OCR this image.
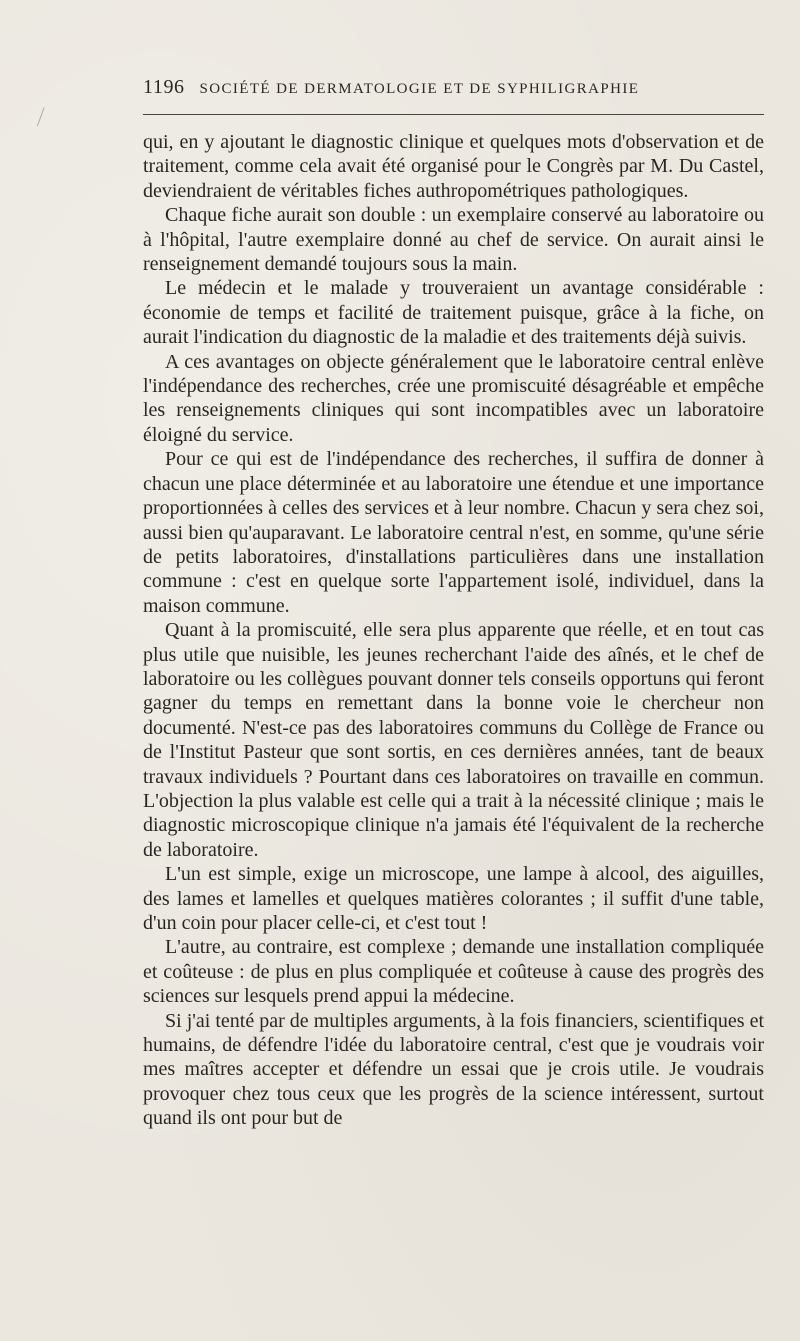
1196 SOCIÉTÉ DE DERMATOLOGIE ET DE SYPHILIGRAPHIE

qui, en y ajoutant le diagnostic clinique et quelques mots d'observation et de traitement, comme cela avait été organisé pour le Congrès par M. Du Castel, deviendraient de véritables fiches authropométriques pathologiques.

Chaque fiche aurait son double : un exemplaire conservé au laboratoire ou à l'hôpital, l'autre exemplaire donné au chef de service. On aurait ainsi le renseignement demandé toujours sous la main.

Le médecin et le malade y trouveraient un avantage considérable : économie de temps et facilité de traitement puisque, grâce à la fiche, on aurait l'indication du diagnostic de la maladie et des traitements déjà suivis.

A ces avantages on objecte généralement que le laboratoire central enlève l'indépendance des recherches, crée une promiscuité désagréable et empêche les renseignements cliniques qui sont incompatibles avec un laboratoire éloigné du service.

Pour ce qui est de l'indépendance des recherches, il suffira de donner à chacun une place déterminée et au laboratoire une étendue et une importance proportionnées à celles des services et à leur nombre. Chacun y sera chez soi, aussi bien qu'auparavant. Le laboratoire central n'est, en somme, qu'une série de petits laboratoires, d'installations particulières dans une installation commune : c'est en quelque sorte l'appartement isolé, individuel, dans la maison commune.

Quant à la promiscuité, elle sera plus apparente que réelle, et en tout cas plus utile que nuisible, les jeunes recherchant l'aide des aînés, et le chef de laboratoire ou les collègues pouvant donner tels conseils opportuns qui feront gagner du temps en remettant dans la bonne voie le chercheur non documenté. N'est-ce pas des laboratoires communs du Collège de France ou de l'Institut Pasteur que sont sortis, en ces dernières années, tant de beaux travaux individuels ? Pourtant dans ces laboratoires on travaille en commun. L'objection la plus valable est celle qui a trait à la nécessité clinique ; mais le diagnostic microscopique clinique n'a jamais été l'équivalent de la recherche de laboratoire.

L'un est simple, exige un microscope, une lampe à alcool, des aiguilles, des lames et lamelles et quelques matières colorantes ; il suffit d'une table, d'un coin pour placer celle-ci, et c'est tout !

L'autre, au contraire, est complexe ; demande une installation compliquée et coûteuse : de plus en plus compliquée et coûteuse à cause des progrès des sciences sur lesquels prend appui la médecine.

Si j'ai tenté par de multiples arguments, à la fois financiers, scientifiques et humains, de défendre l'idée du laboratoire central, c'est que je voudrais voir mes maîtres accepter et défendre un essai que je crois utile. Je voudrais provoquer chez tous ceux que les progrès de la science intéressent, surtout quand ils ont pour but de
